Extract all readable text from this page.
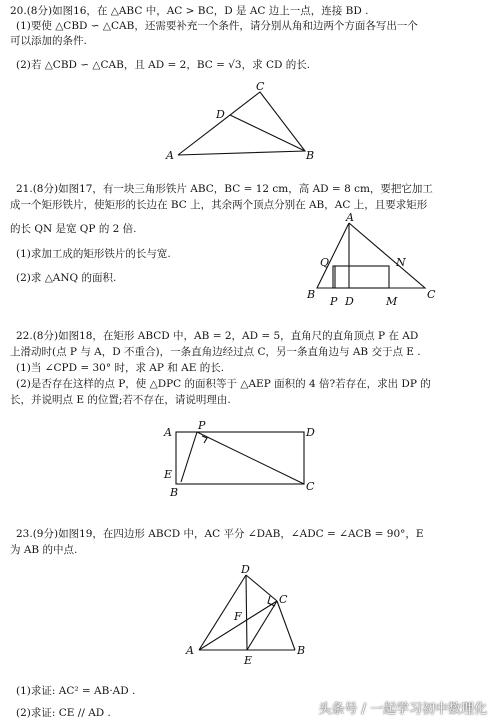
20.(8分)如图16，在 △ABC 中，AC > BC，D 是 AC 边上一点，连接 BD .
(1)要使 △CBD ∽ △CAB，还需要补充一个条件，请分别从角和边两个方面各写出一个
可以添加的条件.
(2)若 △CBD ∽ △CAB，且 AD = 2，BC = √3，求 CD 的长.
A	B
C
D
21.(8分)如图17，有一块三角形铁片 ABC，BC = 12 cm，高 AD = 8 cm，要把它加工
成一个矩形铁片，使矩形的长边在 BC 上，其余两个顶点分别在 AB，AC 上，且要求矩形
的长 QN 是宽 QP 的 2 倍.
(1)求加工成的矩形铁片的长与宽.
(2)求 △ANQ 的面积.
A
B	C
D
P	M
N
Q
22.(8分)如图18，在矩形 ABCD 中，AB = 2，AD = 5，直角尺的直角顶点 P 在 AD
上滑动时(点 P 与 A，D 不重合)，一条直角边经过点 C，另一条直角边与 AB 交于点 E .
(1)当 ∠CPD = 30° 时，求 AP 和 AE 的长.
(2)是否存在这样的点 P，使 △DPC 的面积等于 △AEP 面积的 4 倍?若存在，求出 DP 的
长，并说明点 E 的位置;若不存在，请说明理由.
A
B	C
D
E
P
23.(9分)如图19，在四边形 ABCD 中，AC 平分 ∠DAB，∠ADC = ∠ACB = 90°，E
为 AB 的中点.
A	B
C
D
E
F
(1)求证: AC² = AB·AD .
(2)求证: CE // AD .	头条号 / 一起学习初中数理化
